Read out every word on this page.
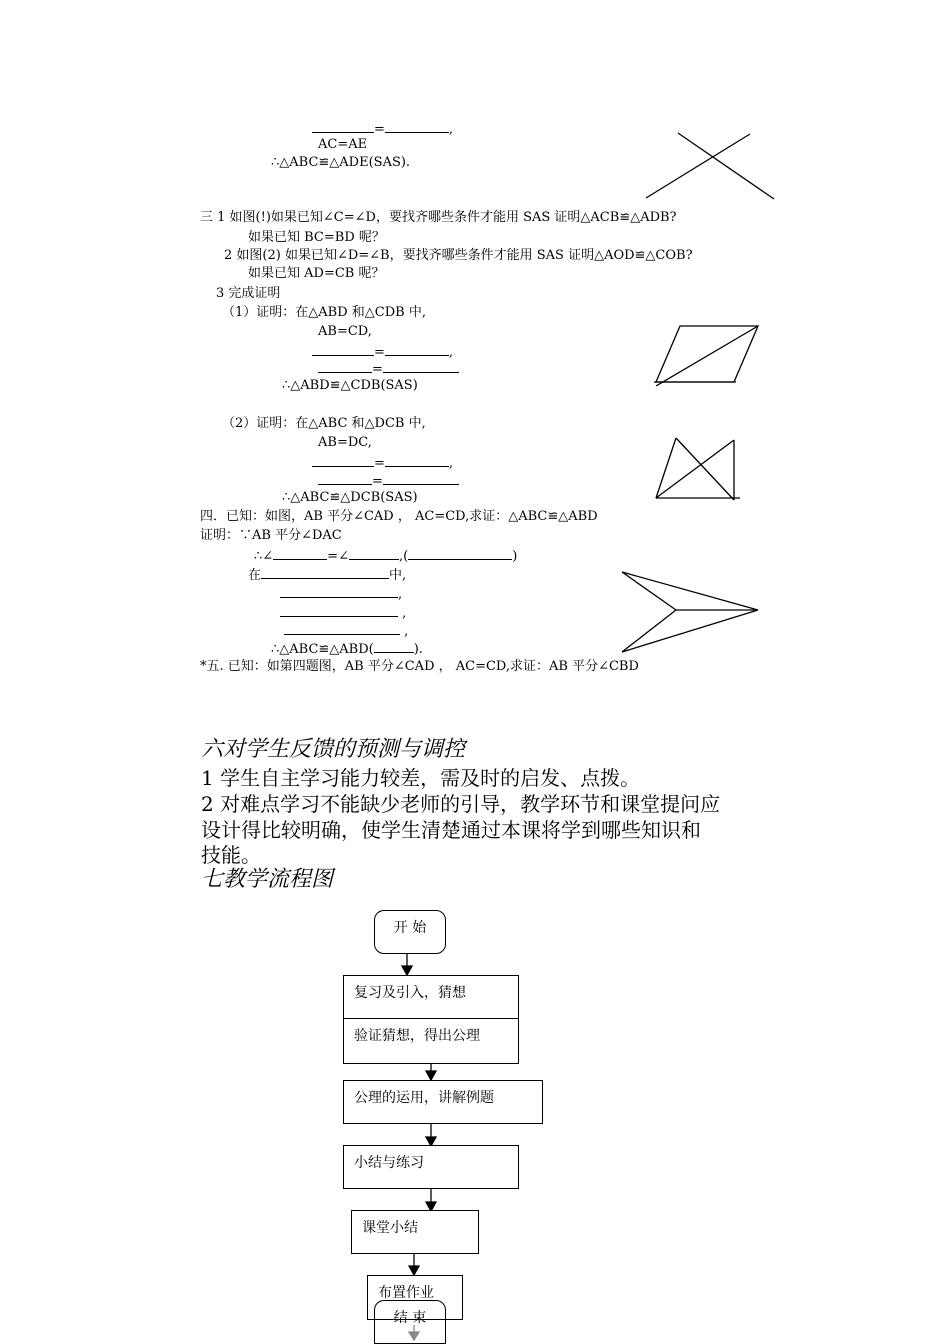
=	,
AC=AE
∴△ABC≌△ADE(SAS).
三 1 如图(!)如果已知∠C=∠D，要找齐哪些条件才能用 SAS 证明△ACB≌△ADB?
如果已知 BC=BD 呢？
2 如图(2) 如果已知∠D=∠B，要找齐哪些条件才能用 SAS 证明△AOD≌△COB?
如果已知 AD=CB 呢？
3 完成证明
（1）证明：在△ABD 和△CDB 中,
AB=CD,
=	,
=
∴△ABD≌△CDB(SAS)
（2）证明：在△ABC 和△DCB 中,
AB=DC,
=	,
=
∴△ABC≌△DCB(SAS)
四．已知：如图，AB 平分∠CAD ， AC=CD,求证：△ABC≌△ABD
证明：∵AB 平分∠DAC
∴∠	=∠	,(	)
在	中,
,
,
,
∴△ABC≌△ABD(	).
*五. 已知：如第四题图，AB 平分∠CAD ， AC=CD,求证：AB 平分∠CBD
六对学生反馈的预测与调控
1 学生自主学习能力较差，需及时的启发、点拨。
2 对难点学习不能缺少老师的引导，教学环节和课堂提问应
设计得比较明确，使学生清楚通过本课将学到哪些知识和
技能。
七教学流程图
开 始
复习及引入，猜想
验证猜想，得出公理
公理的运用，讲解例题
小结与练习
课堂小结
布置作业
结 束
